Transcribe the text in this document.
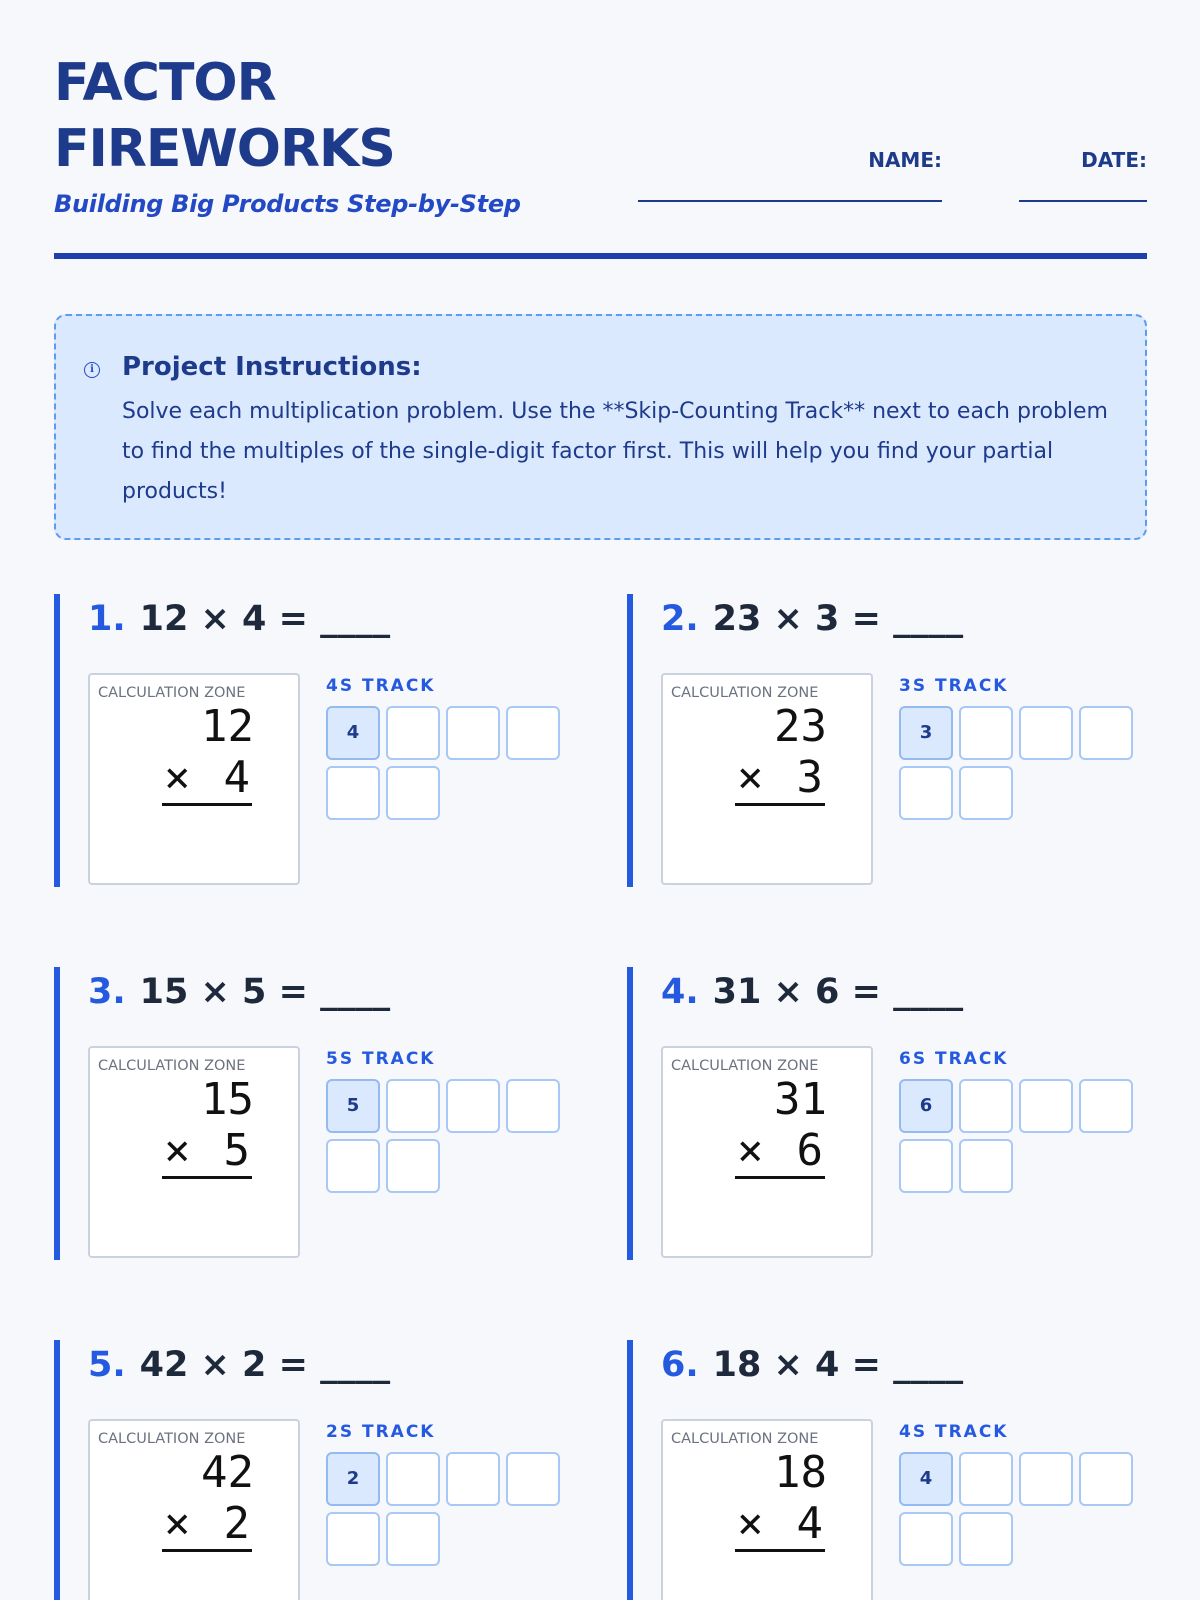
FACTOR
FIREWORKS
Building Big Products Step-by-Step
NAME:	DATE:
i Project Instructions:
Solve each multiplication problem. Use the **Skip-Counting Track** next to each problem to find the multiples of the single-digit factor first. This will help you find your partial products!
1. 12 × 4 = ____
CALCULATION ZONE
12
× 4
4S TRACK
4
2. 23 × 3 = ____
CALCULATION ZONE
23
× 3
3S TRACK
3
3. 15 × 5 = ____
CALCULATION ZONE
15
× 5
5S TRACK
5
4. 31 × 6 = ____
CALCULATION ZONE
31
× 6
6S TRACK
6
5. 42 × 2 = ____
CALCULATION ZONE
42
× 2
2S TRACK
2
6. 18 × 4 = ____
CALCULATION ZONE
18
× 4
4S TRACK
4
